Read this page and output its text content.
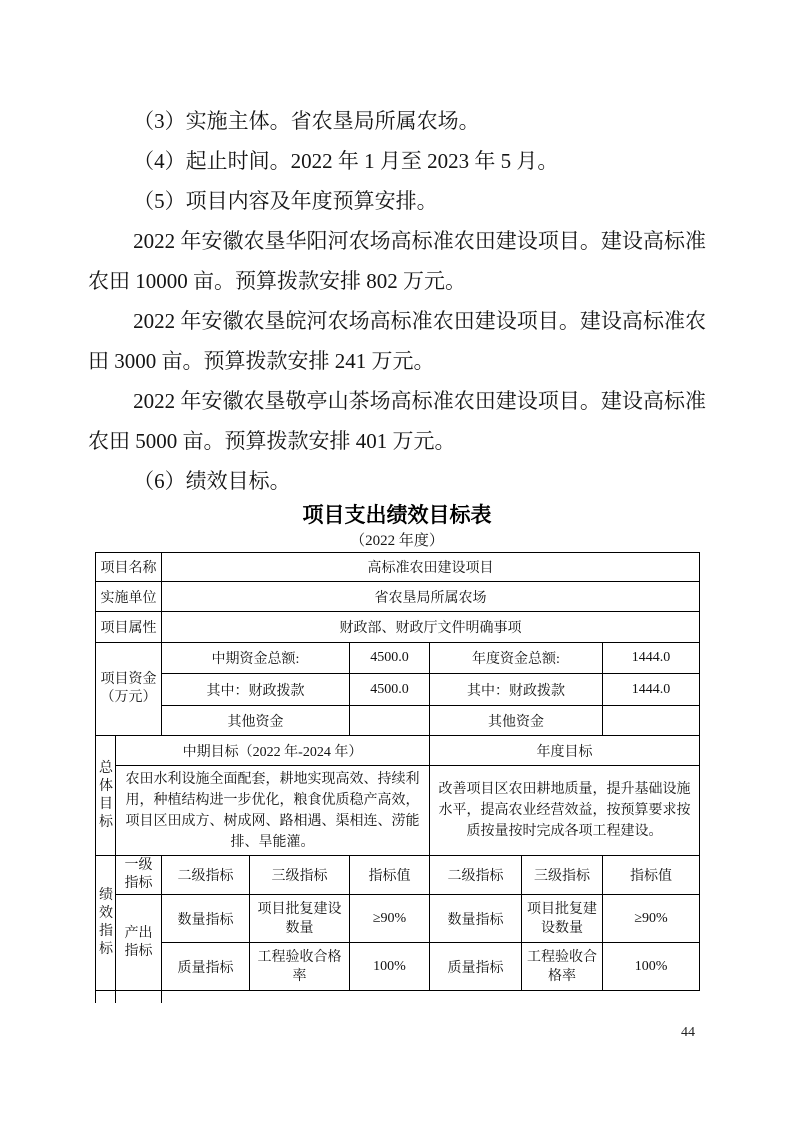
（3）实施主体。省农垦局所属农场。

（4）起止时间。2022 年 1 月至 2023 年 5 月。

（5）项目内容及年度预算安排。

2022 年安徽农垦华阳河农场高标准农田建设项目。建设高标准农田 10000 亩。预算拨款安排 802 万元。

2022 年安徽农垦皖河农场高标准农田建设项目。建设高标准农田 3000 亩。预算拨款安排 241 万元。

2022 年安徽农垦敬亭山茶场高标准农田建设项目。建设高标准农田 5000 亩。预算拨款安排 401 万元。

（6）绩效目标。

项目支出绩效目标表
（2022 年度）
项目名称		高标准农田建设项目					
实施单位		省农垦局所属农场					
项目属性		财政部、财政厅文件明确事项					
项目资金（万元）		中期资金总额:		4500.0	年度资金总额:		1444.0
		其中：财政拨款		4500.0	其中：财政拨款		1444.0
		其他资金			其他资金		
总体目标	中期目标（2022 年-2024 年）				年度目标		
	农田水利设施全面配套，耕地实现高效、持续利用，种植结构进一步优化，粮食优质稳产高效，项目区田成方、树成网、路相遇、渠相连、涝能排、旱能灌。				改善项目区农田耕地质量，提升基础设施水平，提高农业经营效益，按预算要求按质按量按时完成各项工程建设。		
绩效指标	一级指标	二级指标	三级指标	指标值	二级指标	三级指标	指标值
	产出指标	数量指标	项目批复建设数量	≥90%	数量指标	项目批复建设数量	≥90%
		质量指标	工程验收合格率	100%	质量指标	工程验收合格率	100%
44
